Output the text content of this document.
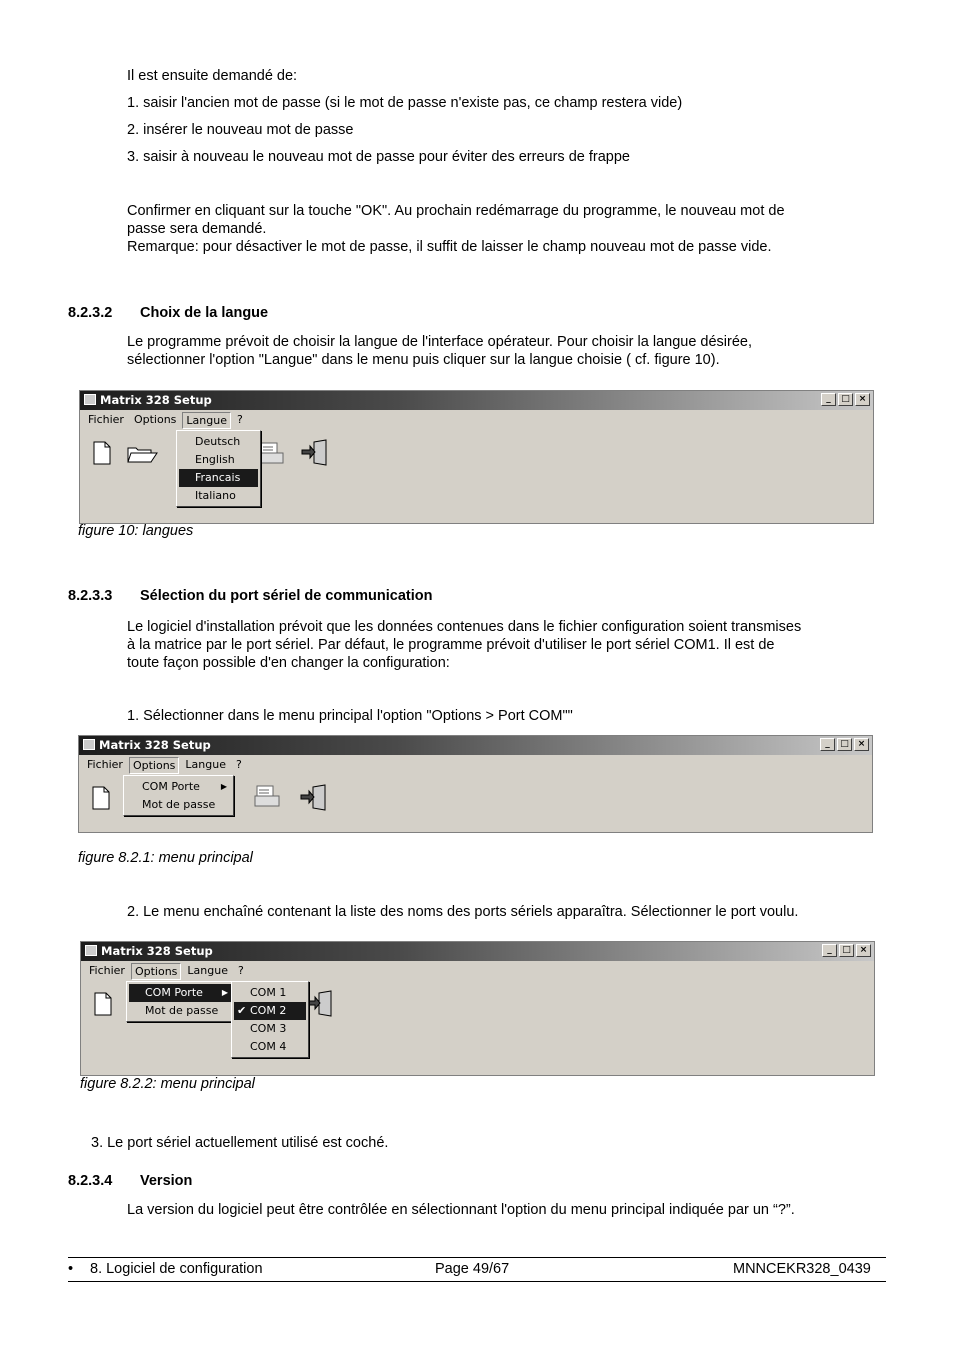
Il est ensuite demandé de:

1. saisir l'ancien mot de passe (si le mot de passe n'existe pas, ce champ restera vide)

2. insérer le nouveau mot de passe

3. saisir à nouveau le nouveau mot de passe pour éviter des erreurs de frappe

Confirmer en cliquant sur la touche "OK". Au prochain redémarrage du programme, le nouveau mot de

passe sera demandé.

Remarque: pour désactiver le mot de passe, il suffit de laisser le champ nouveau mot de passe vide.

8.2.3.2 Choix de la langue

Le programme prévoit de choisir la langue de l'interface opérateur. Pour choisir la langue désirée,

sélectionner l'option "Langue" dans le menu puis cliquer sur la langue choisie ( cf. figure 10).

Matrix 328 Setup	_	□ ×
Fichier Options Langue ?
Deutsch
English
Francais
Italiano

figure 10: langues

8.2.3.3 Sélection du port sériel de communication

Le logiciel d'installation prévoit que les données contenues dans le fichier configuration soient transmises

à la matrice par le port sériel. Par défaut, le programme prévoit d'utiliser le port sériel COM1. Il est de

toute façon possible d'en changer la configuration:

1. Sélectionner dans le menu principal l'option "Options > Port COM""

Matrix 328 Setup	_	□ ×
Fichier Options Langue ?
COM Porte	▶
Mot de passe

figure 8.2.1: menu principal

2. Le menu enchaîné contenant la liste des noms des ports sériels apparaîtra. Sélectionner le port voulu.

Matrix 328 Setup	_	□ ×
Fichier Options Langue ?
COM Porte ▶
Mot de passe
COM 1
✔ COM 2
COM 3
COM 4

figure 8.2.2: menu principal

3. Le port sériel actuellement utilisé est coché.

8.2.3.4 Version

La version du logiciel peut être contrôlée en sélectionnant l'option du menu principal indiquée par un “?”.

• 8. Logiciel de configuration	Page 49/67	MNNCEKR328_0439
